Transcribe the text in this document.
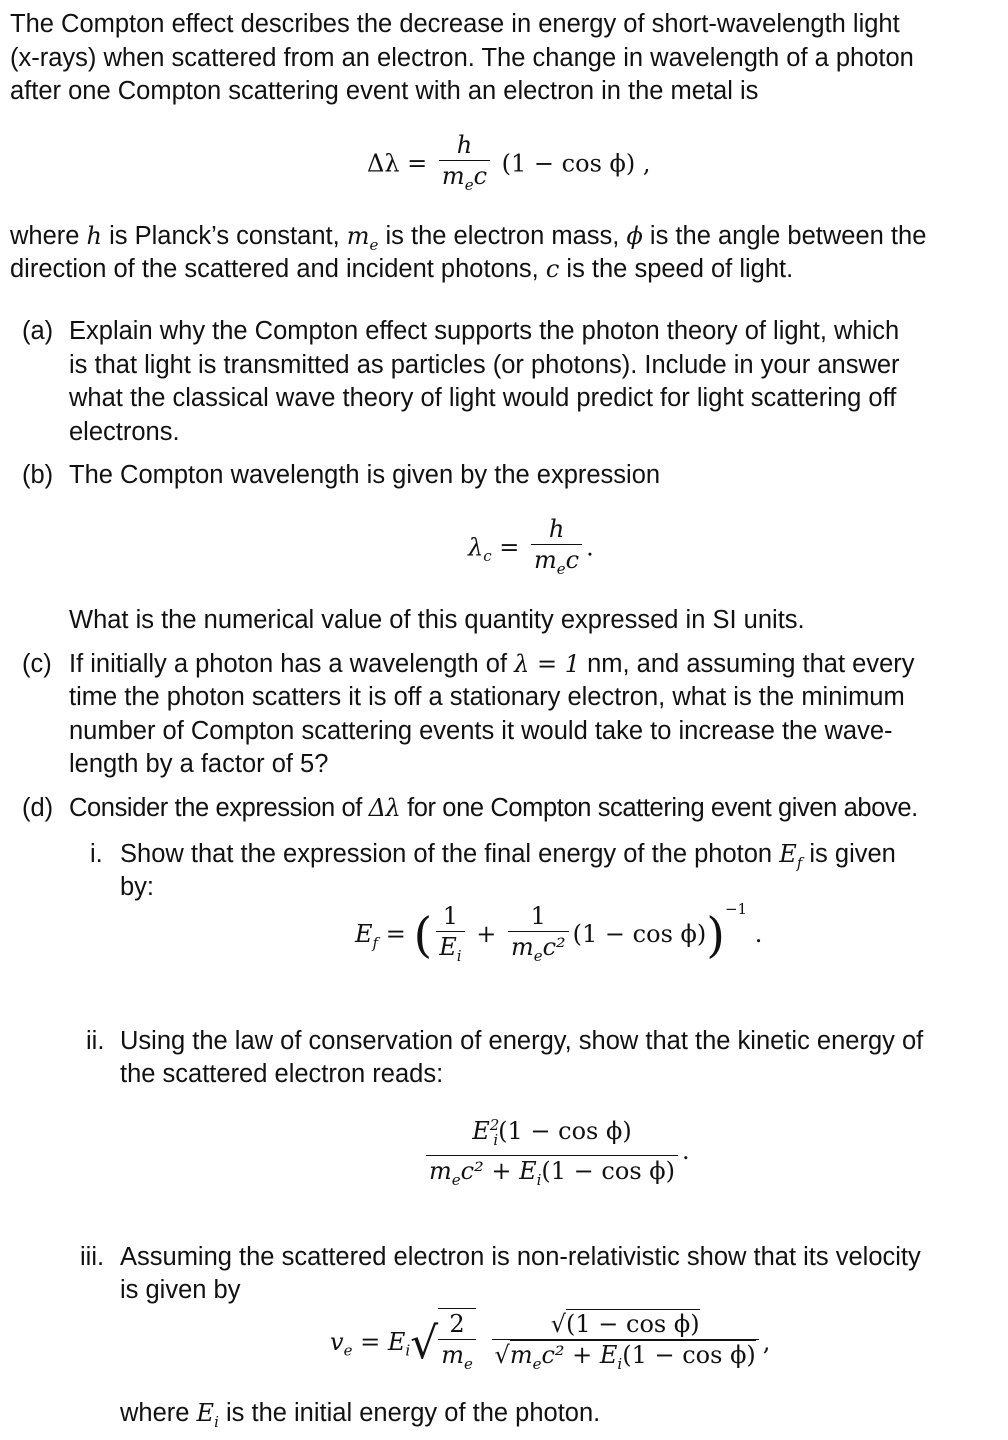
The Compton effect describes the decrease in energy of short-wavelength light
(x-rays) when scattered from an electron. The change in wavelength of a photon
after one Compton scattering event with an electron in the metal is
$\Delta\lambda = \frac{h}{m_ec} (1 - \cos \phi)$ ,
where h is Planck’s constant, $m_e$ is the electron mass, ϕ is the angle between the
direction of the scattered and incident photons, c is the speed of light.
(a) Explain why the Compton effect supports the photon theory of light, which
is that light is transmitted as particles (or photons). Include in your answer
what the classical wave theory of light would predict for light scattering off
electrons.
(b) The Compton wavelength is given by the expression
$\lambda_c = \frac{h}{m_ec}$ .
What is the numerical value of this quantity expressed in SI units.
(c) If initially a photon has a wavelength of λ = 1 nm, and assuming that every
time the photon scatters it is off a stationary electron, what is the minimum
number of Compton scattering events it would take to increase the wave-
length by a factor of 5?
(d) Consider the expression of Δλ for one Compton scattering event given above.
i. Show that the expression of the final energy of the photon $E_f$ is given
by:
$E_f$ = ( $\frac{1}{E_i} + \frac{1}{m_ec^2} (1 - \cos \phi))^{-1}$ .
ii. Using the law of conservation of energy, show that the kinetic energy of
the scattered electron reads:
$\frac{E^2_i(1 - \cos \phi)}{m_ec^2 + E_i(1 - \cos \phi)}$ .
iii. Assuming the scattered electron is non-relativistic show that its velocity
is given by
$v_e = E_i√ \frac{2}{m_e}$
$\frac{\text{√(1 − cos ϕ)}}{√m_ec^2 + E_i(1 - \cos \phi)}$ ,
where $E_i$ is the initial energy of the photon.
